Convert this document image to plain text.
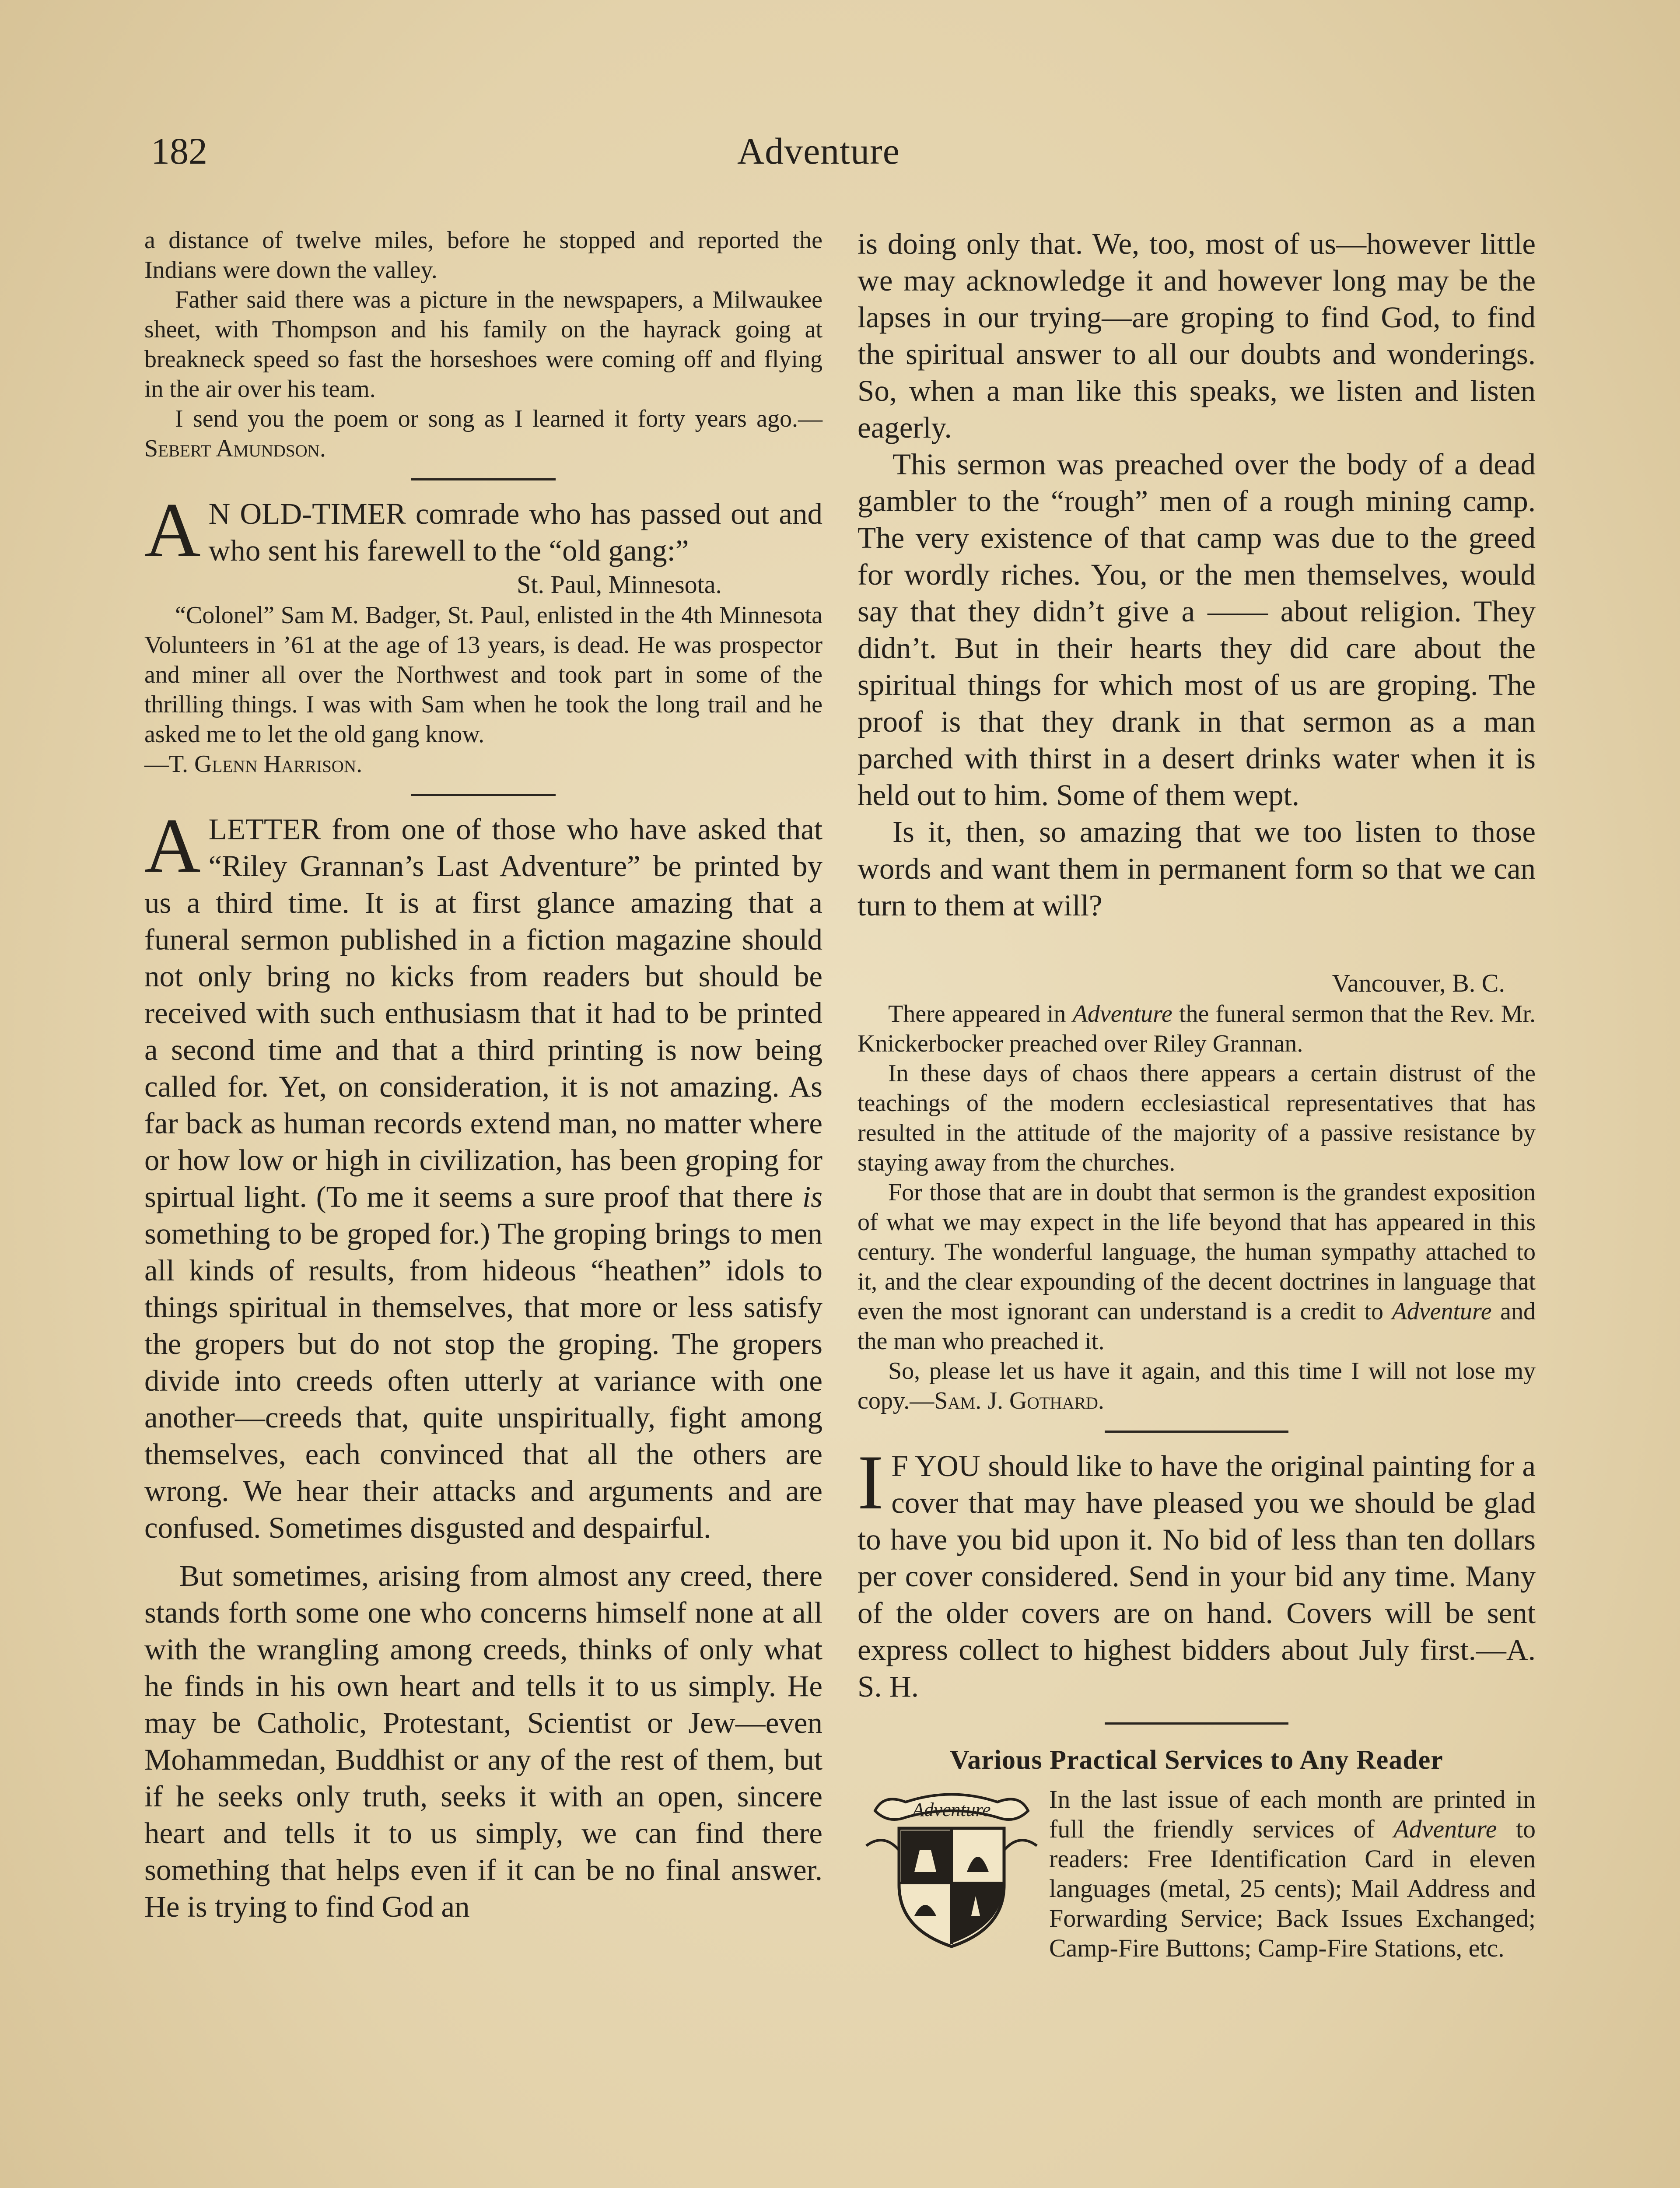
182	Adventure

a distance of twelve miles, before he stopped and reported the Indians were down the valley.

Father said there was a picture in the newspapers, a Milwaukee sheet, with Thompson and his family on the hayrack going at breakneck speed so fast the horseshoes were coming off and flying in the air over his team.

I send you the poem or song as I learned it forty years ago.—Sebert Amundson.

A N OLD-TIMER comrade who has passed out and who sent his farewell to the “old gang:”

St. Paul, Minnesota.

“Colonel” Sam M. Badger, St. Paul, enlisted in the 4th Minnesota Volunteers in ’61 at the age of 13 years, is dead. He was prospector and miner all over the Northwest and took part in some of the thrilling things. I was with Sam when he took the long trail and he asked me to let the old gang know.

—T. Glenn Harrison.

ALETTER from one of those who have asked that “Riley Grannan’s Last Adventure” be printed by us a third time. It is at first glance amazing that a funeral sermon published in a fiction magazine should not only bring no kicks from readers but should be received with such enthusiasm that it had to be printed a second time and that a third printing is now being called for. Yet, on consideration, it is not amazing. As far back as human records extend man, no matter where or how low or high in civilization, has been groping for spirtual light. (To me it seems a sure proof that there is something to be groped for.) The groping brings to men all kinds of results, from hideous “heathen” idols to things spiritual in themselves, that more or less satisfy the gropers but do not stop the groping. The gropers divide into creeds often utterly at variance with one another—creeds that, quite unspiritually, fight among themselves, each convinced that all the others are wrong. We hear their attacks and arguments and are confused. Sometimes disgusted and despairful.

But sometimes, arising from almost any creed, there stands forth some one who concerns himself none at all with the wrangling among creeds, thinks of only what he finds in his own heart and tells it to us simply. He may be Catholic, Protestant, Scientist or Jew—even Mohammedan, Buddhist or any of the rest of them, but if he seeks only truth, seeks it with an open, sincere heart and tells it to us simply, we can find there something that helps even if it can be no final answer. He is trying to find God an

is doing only that. We, too, most of us—however little we may acknowledge it and however long may be the lapses in our trying—are groping to find God, to find the spiritual answer to all our doubts and wonderings. So, when a man like this speaks, we listen and listen eagerly.

This sermon was preached over the body of a dead gambler to the “rough” men of a rough mining camp. The very existence of that camp was due to the greed for wordly riches. You, or the men themselves, would say that they didn’t give a —— about religion. They didn’t. But in their hearts they did care about the spiritual things for which most of us are groping. The proof is that they drank in that sermon as a man parched with thirst in a desert drinks water when it is held out to him. Some of them wept.

Is it, then, so amazing that we too listen to those words and want them in permanent form so that we can turn to them at will?

Vancouver, B. C.

There appeared in Adventure the funeral sermon that the Rev. Mr. Knickerbocker preached over Riley Grannan.

In these days of chaos there appears a certain distrust of the teachings of the modern ecclesiastical representatives that has resulted in the attitude of the majority of a passive resistance by staying away from the churches.

For those that are in doubt that sermon is the grandest exposition of what we may expect in the life beyond that has appeared in this century. The wonderful language, the human sympathy attached to it, and the clear expounding of the decent doctrines in language that even the most ignorant can understand is a credit to Adventure and the man who preached it.

So, please let us have it again, and this time I will not lose my copy.—Sam. J. Gothard.

I F YOU should like to have the original painting for a cover that may have pleased you we should be glad to have you bid upon it. No bid of less than ten dollars per cover considered. Send in your bid any time. Many of the older covers are on hand. Covers will be sent express collect to highest bidders about July first.—A. S. H.

Various Practical Services to Any Reader
Adventure In the last issue of each month are printed in full the friendly services of Adventure to readers: Free Identification Card in eleven languages (metal, 25 cents); Mail Address and Forwarding Service; Back Issues Exchanged; Camp-Fire Buttons; Camp-Fire Stations, etc.
